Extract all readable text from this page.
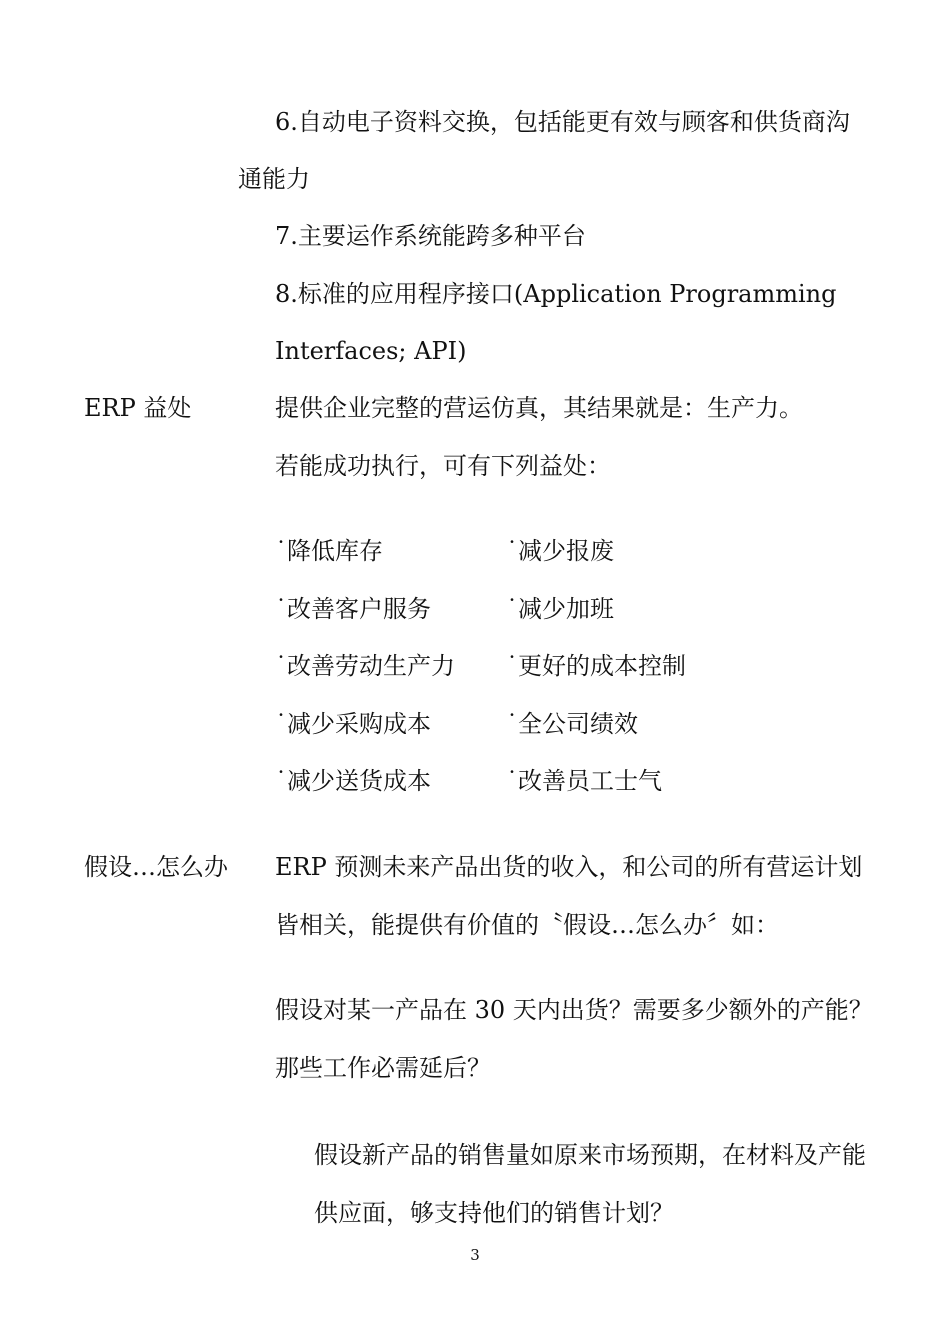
6.自动电子资料交换，包括能更有效与顾客和供货商沟
通能力
7.主要运作系统能跨多种平台
8.标准的应用程序接口(Application Programming
Interfaces; API)
ERP 益处	提供企业完整的营运仿真，其结果就是：生产力。
若能成功执行，可有下列益处：
˙降低库存	˙减少报废
˙改善客户服务	˙减少加班
˙改善劳动生产力 ˙更好的成本控制
˙减少采购成本	˙全公司绩效
˙减少送货成本	˙改善员工士气
假设…怎么办 ERP 预测未来产品出货的收入，和公司的所有营运计划
皆相关，能提供有价值的〝假设…怎么办〞如：
假设对某一产品在 30 天内出货？需要多少额外的产能？
那些工作必需延后？
假设新产品的销售量如原来市场预期，在材料及产能
供应面，够支持他们的销售计划？
3
